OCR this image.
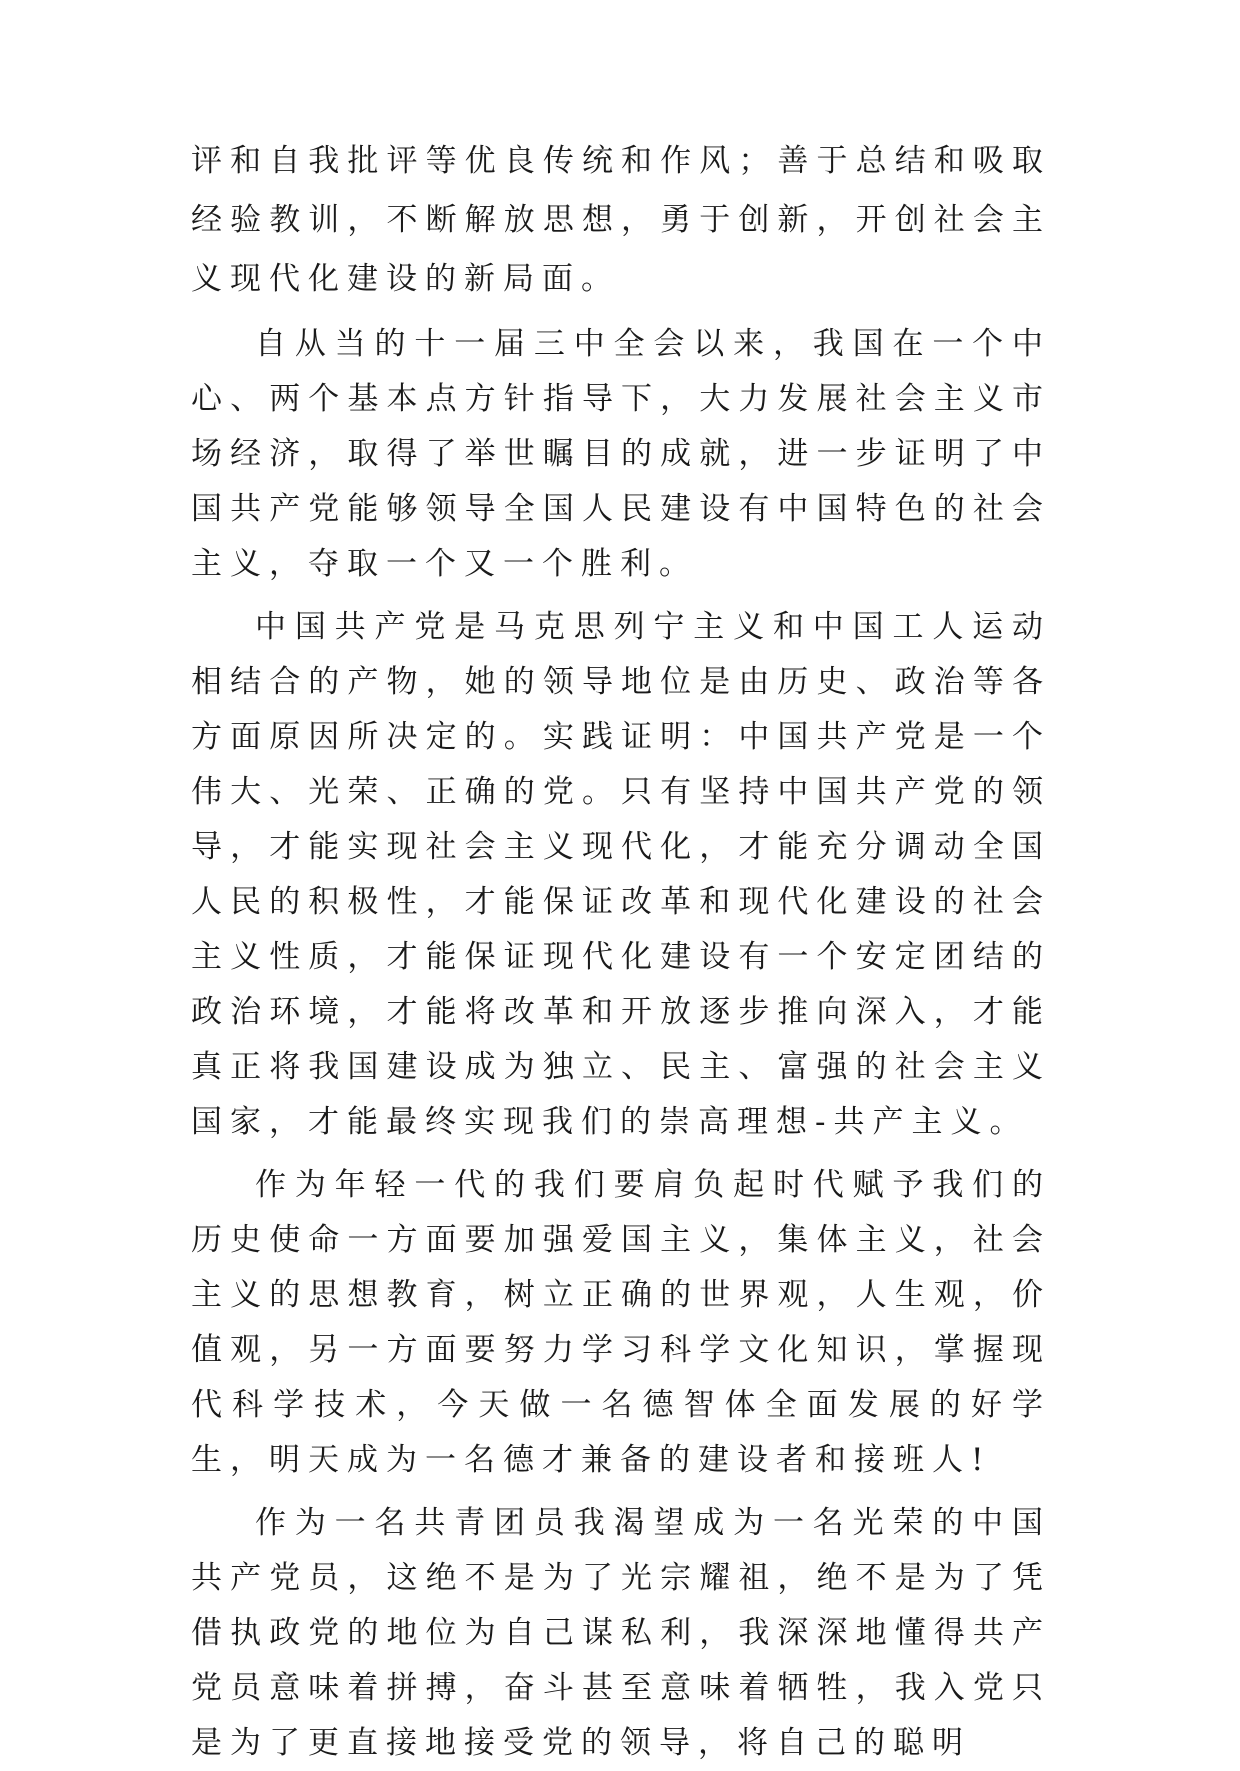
评和自我批评等优良传统和作风；善于总结和吸取经验教训，不断解放思想，勇于创新，开创社会主义现代化建设的新局面。

自从当的十一届三中全会以来，我国在一个中心、两个基本点方针指导下，大力发展社会主义市场经济，取得了举世瞩目的成就，进一步证明了中国共产党能够领导全国人民建设有中国特色的社会主义，夺取一个又一个胜利。

中国共产党是马克思列宁主义和中国工人运动相结合的产物，她的领导地位是由历史、政治等各方面原因所决定的。实践证明：中国共产党是一个伟大、光荣、正确的党。只有坚持中国共产党的领导，才能实现社会主义现代化，才能充分调动全国人民的积极性，才能保证改革和现代化建设的社会主义性质，才能保证现代化建设有一个安定团结的政治环境，才能将改革和开放逐步推向深入，才能真正将我国建设成为独立、民主、富强的社会主义国家，才能最终实现我们的崇高理想-共产主义。

作为年轻一代的我们要肩负起时代赋予我们的历史使命一方面要加强爱国主义，集体主义，社会主义的思想教育，树立正确的世界观，人生观，价值观，另一方面要努力学习科学文化知识，掌握现代科学技术，今天做一名德智体全面发展的好学生，明天成为一名德才兼备的建设者和接班人!

作为一名共青团员我渴望成为一名光荣的中国共产党员，这绝不是为了光宗耀祖，绝不是为了凭借执政党的地位为自己谋私利，我深深地懂得共产党员意味着拼搏，奋斗甚至意味着牺牲，我入党只是为了更直接地接受党的领导，将自己的聪明
